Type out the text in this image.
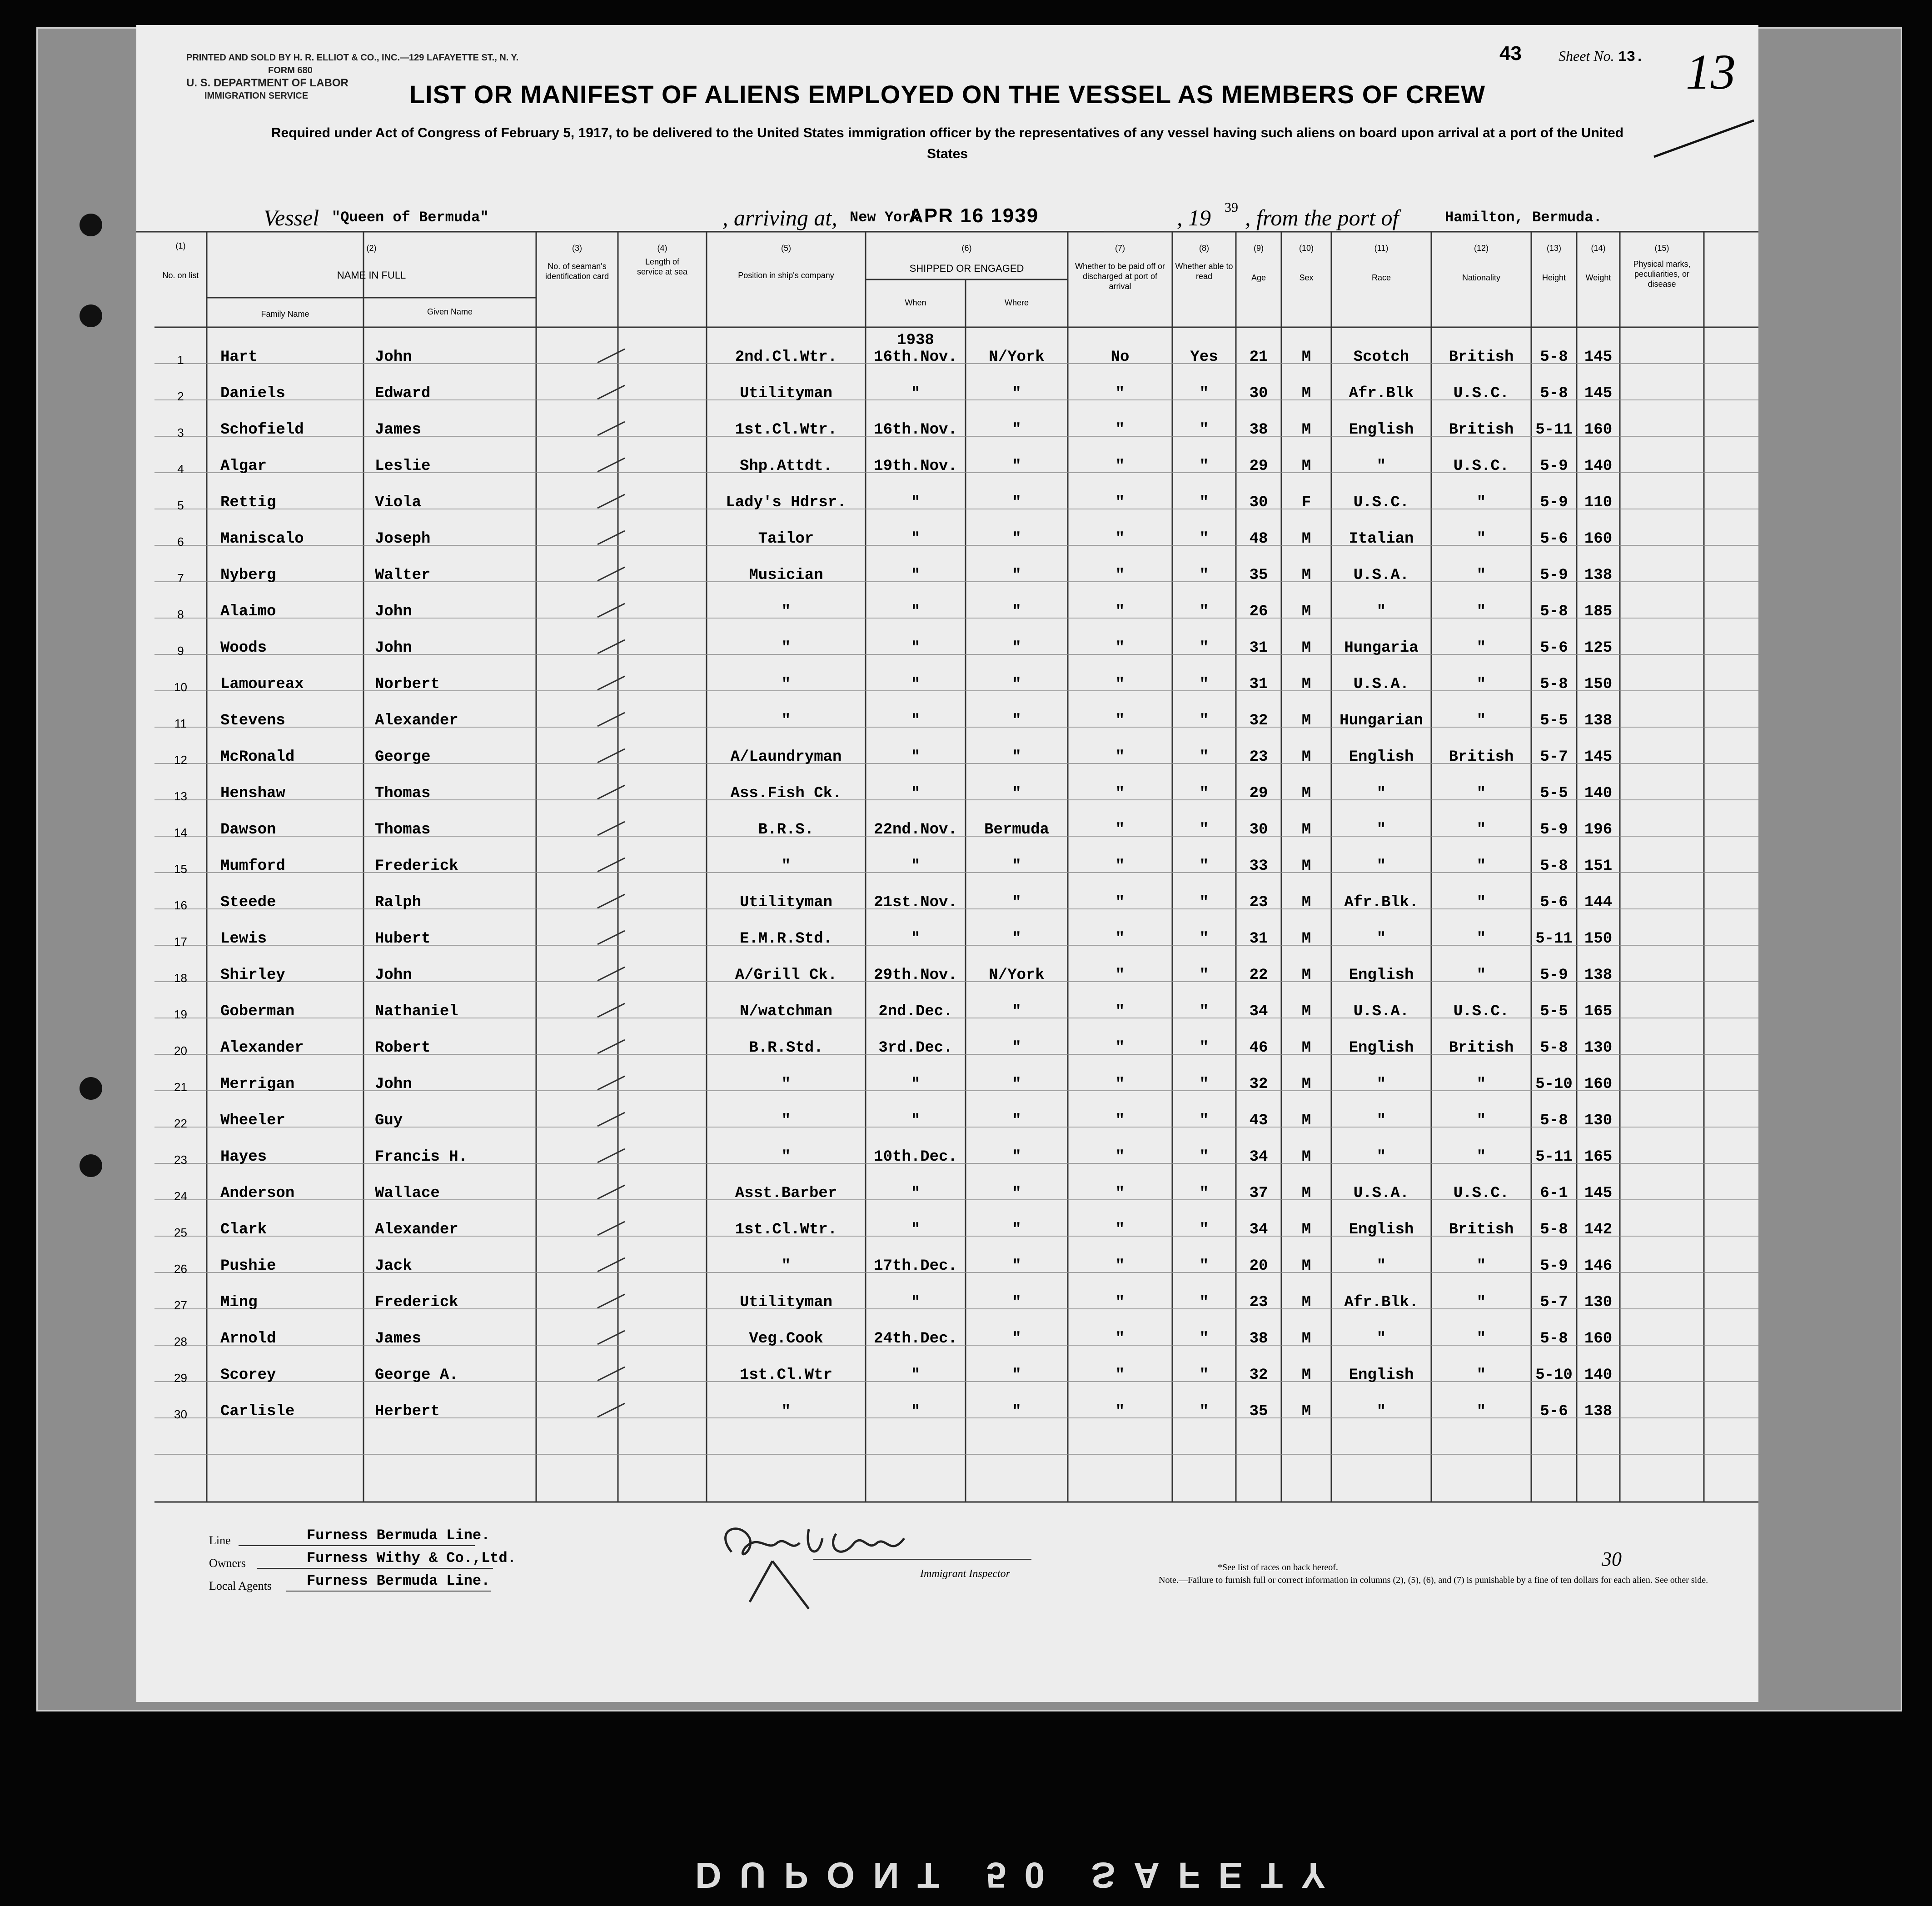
PRINTED AND SOLD BY H. R. ELLIOT & CO., INC.—129 LAFAYETTE ST., N. Y.
FORM 680
U. S. DEPARTMENT OF LABOR
IMMIGRATION SERVICE
43	Sheet No. 13. 13
LIST OR MANIFEST OF ALIENS EMPLOYED ON THE VESSEL AS MEMBERS OF CREW
Required under Act of Congress of February 5, 1917, to be delivered to the United States immigration officer by the representatives of any vessel having such aliens on board upon arrival at a port of the United States
Vessel "Queen of Bermuda"	, arriving at, New York
APR 16 1939	, 19 39 , from the port of	Hamilton, Bermuda.
(1)
No. on list
(2)
NAME IN FULL
Family Name	Given Name
(3)
No. of seaman's identification card
(4)
Length of service at sea
(5)
Position in ship's company
(6)
SHIPPED OR ENGAGED
When	Where
(7)
Whether to be paid off or discharged at port of arrival
(8)
Whether able to read
(9)
Age
(10)
Sex
(11)
Race
(12)
Nationality
(13)
Height
(14)
Weight
(15)
Physical marks, peculiarities, or disease
1938
1	Hart	John	2nd.Cl.Wtr.	16th.Nov.	N/York	No	Yes	21	M	Scotch	British	5-8	145
2	Daniels	Edward	Utilityman	"	"	"	"	30	M	Afr.Blk	U.S.C.	5-8	145
3	Schofield	James	1st.Cl.Wtr.	16th.Nov.	"	"	"	38	M	English	British	5-11 160
4	Algar	Leslie	Shp.Attdt.	19th.Nov.	"	"	"	29	M	"	U.S.C.	5-9	140
5	Rettig	Viola	Lady's Hdrsr.	"	"	"	"	30	F	U.S.C.	"	5-9	110
6	Maniscalo	Joseph	Tailor	"	"	"	"	48	M	Italian	"	5-6	160
7	Nyberg	Walter	Musician	"	"	"	"	35	M	U.S.A.	"	5-9	138
8	Alaimo	John	"	"	"	"	"	26	M	"	"	5-8	185
9	Woods	John	"	"	"	"	"	31	M	Hungaria	"	5-6	125
10	Lamoureax	Norbert	"	"	"	"	"	31	M	U.S.A.	"	5-8	150
11	Stevens	Alexander	"	"	"	"	"	32	M	Hungarian	"	5-5	138
12	McRonald	George	A/Laundryman	"	"	"	"	23	M	English	British	5-7	145
13	Henshaw	Thomas	Ass.Fish Ck.	"	"	"	"	29	M	"	"	5-5	140
14	Dawson	Thomas	B.R.S.	22nd.Nov.	Bermuda	"	"	30	M	"	"	5-9	196
15	Mumford	Frederick	"	"	"	"	"	33	M	"	"	5-8	151
16	Steede	Ralph	Utilityman	21st.Nov.	"	"	"	23	M	Afr.Blk.	"	5-6	144
17	Lewis	Hubert	E.M.R.Std.	"	"	"	"	31	M	"	"	5-11 150
18	Shirley	John	A/Grill Ck.	29th.Nov.	N/York	"	"	22	M	English	"	5-9	138
19	Goberman	Nathaniel	N/watchman	2nd.Dec.	"	"	"	34	M	U.S.A.	U.S.C.	5-5	165
20	Alexander	Robert	B.R.Std.	3rd.Dec.	"	"	"	46	M	English	British	5-8	130
21	Merrigan	John	"	"	"	"	"	32	M	"	"	5-10 160
22	Wheeler	Guy	"	"	"	"	"	43	M	"	"	5-8	130
23	Hayes	Francis H.	"	10th.Dec.	"	"	"	34	M	"	"	5-11 165
24	Anderson	Wallace	Asst.Barber	"	"	"	"	37	M	U.S.A.	U.S.C.	6-1	145
25	Clark	Alexander	1st.Cl.Wtr.	"	"	"	"	34	M	English	British	5-8	142
26	Pushie	Jack	"	17th.Dec.	"	"	"	20	M	"	"	5-9	146
27	Ming	Frederick	Utilityman	"	"	"	"	23	M	Afr.Blk.	"	5-7	130
28	Arnold	James	Veg.Cook	24th.Dec.	"	"	"	38	M	"	"	5-8	160
29	Scorey	George A.	1st.Cl.Wtr	"	"	"	"	32	M	English	"	5-10 140
30	Carlisle	Herbert	"	"	"	"	"	35	M	"	"	5-6	138
Line	Furness Bermuda Line.
Owners	Furness Withy & Co.,Ltd.
Local Agents Furness Bermuda Line.	Immigrant Inspector
*See list of races on back hereof.
Note.—Failure to furnish full or correct information in columns (2), (5), (6), and (7) is punishable by a fine of ten dollars for each alien. See other side.
30
DUPONT 50 SAFETY
